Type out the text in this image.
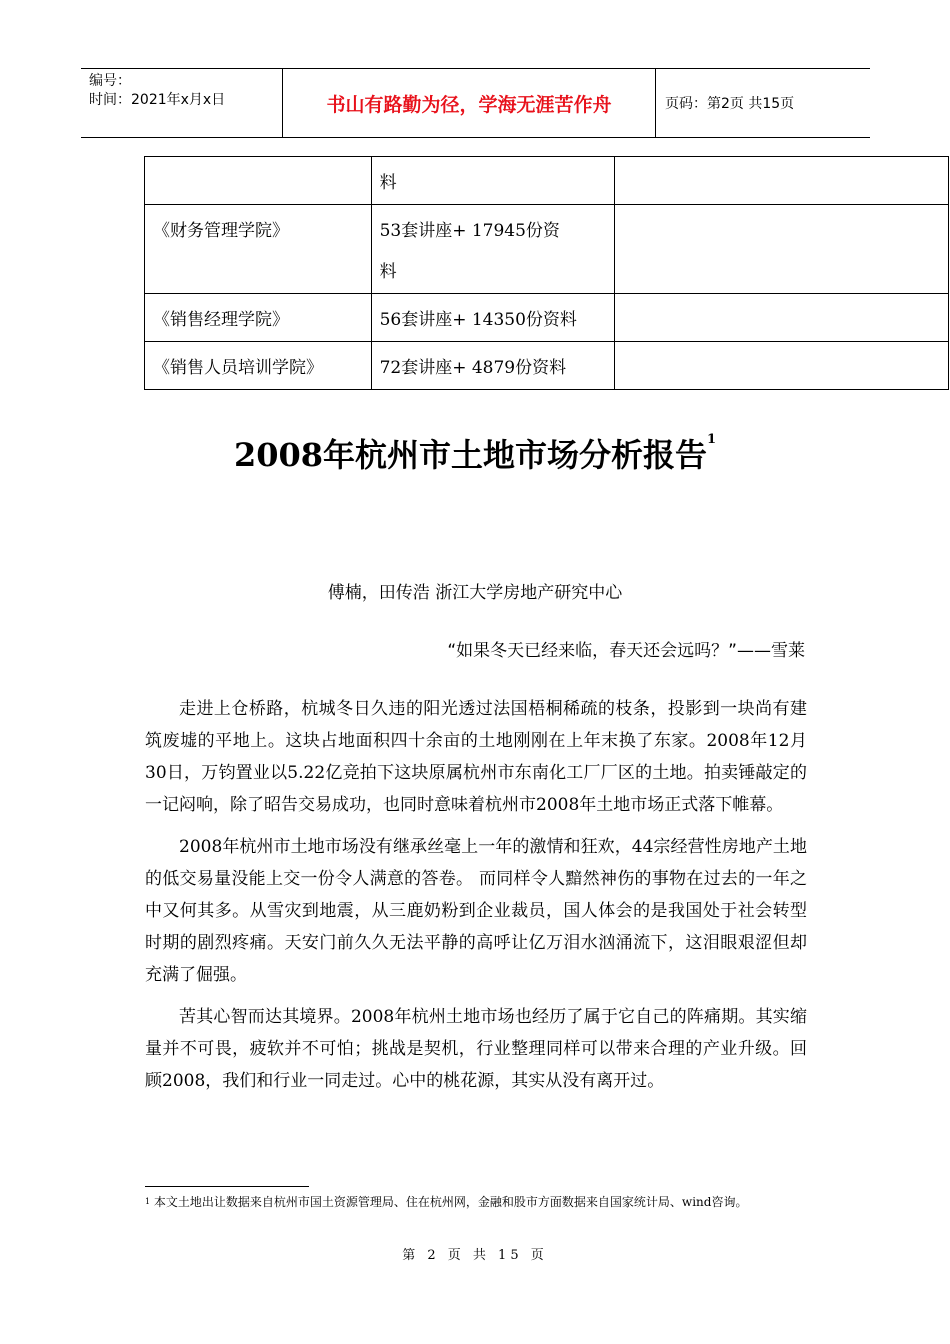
编号：
时间：2021年x月x日	书山有路勤为径，学海无涯苦作舟	页码：第2页 共15页

	料	

《财务管理学院》	53套讲座+ 17945份资

料	

《销售经理学院》	56套讲座+ 14350份资料	
《销售人员培训学院》	72套讲座+ 4879份资料	
2008年杭州市土地市场分析报告$^1$
傅楠，田传浩 浙江大学房地产研究中心
“如果冬天已经来临，春天还会远吗？”——雪莱

走进上仓桥路，杭城冬日久违的阳光透过法国梧桐稀疏的枝条，投影到一块尚有建筑废墟的平地上。这块占地面积四十余亩的土地刚刚在上年末换了东家。2008年12月30日，万钧置业以5.22亿竞拍下这块原属杭州市东南化工厂厂区的土地。拍卖锤敲定的一记闷响，除了昭告交易成功，也同时意味着杭州市2008年土地市场正式落下帷幕。

2008年杭州市土地市场没有继承丝毫上一年的激情和狂欢，44宗经营性房地产土地的低交易量没能上交一份令人满意的答卷。 而同样令人黯然神伤的事物在过去的一年之中又何其多。从雪灾到地震，从三鹿奶粉到企业裁员，国人体会的是我国处于社会转型时期的剧烈疼痛。天安门前久久无法平静的高呼让亿万泪水汹涌流下，这泪眼艰涩但却充满了倔强。

苦其心智而达其境界。2008年杭州土地市场也经历了属于它自己的阵痛期。其实缩量并不可畏，疲软并不可怕；挑战是契机，行业整理同样可以带来合理的产业升级。回顾2008，我们和行业一同走过。心中的桃花源，其实从没有离开过。

$^1$ 本文土地出让数据来自杭州市国土资源管理局、住在杭州网，金融和股市方面数据来自国家统计局、wind咨询。
第 2 页 共 15 页
